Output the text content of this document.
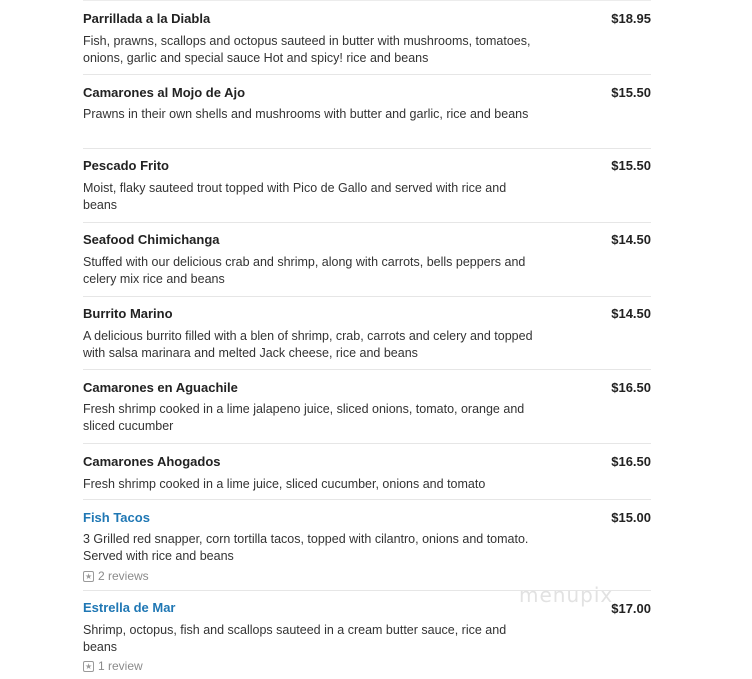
Parrillada a la Diabla	$18.95
Fish, prawns, scallops and octopus sauteed in butter with mushrooms, tomatoes, onions, garlic and special sauce Hot and spicy! rice and beans
Camarones al Mojo de Ajo	$15.50
Prawns in their own shells and mushrooms with butter and garlic, rice and beans
Pescado Frito	$15.50
Moist, flaky sauteed trout topped with Pico de Gallo and served with rice and beans
Seafood Chimichanga	$14.50
Stuffed with our delicious crab and shrimp, along with carrots, bells peppers and celery mix rice and beans
Burrito Marino	$14.50
A delicious burrito filled with a blen of shrimp, crab, carrots and celery and topped with salsa marinara and melted Jack cheese, rice and beans
Camarones en Aguachile	$16.50
Fresh shrimp cooked in a lime jalapeno juice, sliced onions, tomato, orange and sliced cucumber
Camarones Ahogados	$16.50
Fresh shrimp cooked in a lime juice, sliced cucumber, onions and tomato
Fish Tacos	$15.00
3 Grilled red snapper, corn tortilla tacos, topped with cilantro, onions and tomato. Served with rice and beans
★
2 reviews
Estrella de Mar	$17.00
Shrimp, octopus, fish and scallops sauteed in a cream butter sauce, rice and beans
★
1 review
menupix
